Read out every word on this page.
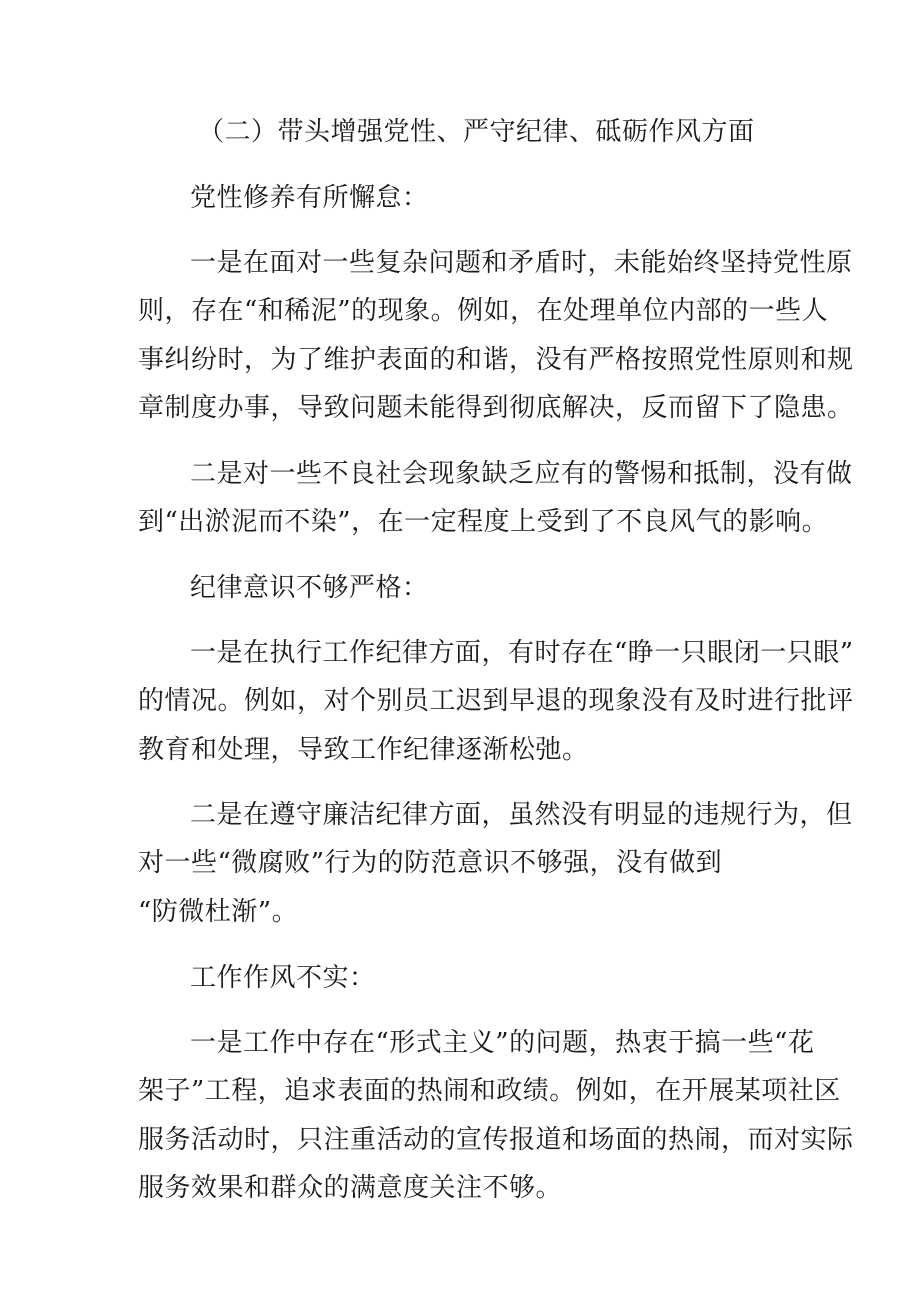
（二）带头增强党性、严守纪律、砥砺作风方面
党性修养有所懈怠：
一是在面对一些复杂问题和矛盾时，未能始终坚持党性原
则，存在“和稀泥”的现象。例如，在处理单位内部的一些人
事纠纷时，为了维护表面的和谐，没有严格按照党性原则和规
章制度办事，导致问题未能得到彻底解决，反而留下了隐患。
二是对一些不良社会现象缺乏应有的警惕和抵制，没有做
到“出淤泥而不染”，在一定程度上受到了不良风气的影响。
纪律意识不够严格：
一是在执行工作纪律方面，有时存在“睁一只眼闭一只眼”
的情况。例如，对个别员工迟到早退的现象没有及时进行批评
教育和处理，导致工作纪律逐渐松弛。
二是在遵守廉洁纪律方面，虽然没有明显的违规行为，但
对一些“微腐败”行为的防范意识不够强，没有做到
“防微杜渐”。
工作作风不实：
一是工作中存在“形式主义”的问题，热衷于搞一些“花
架子”工程，追求表面的热闹和政绩。例如，在开展某项社区
服务活动时，只注重活动的宣传报道和场面的热闹，而对实际
服务效果和群众的满意度关注不够。
